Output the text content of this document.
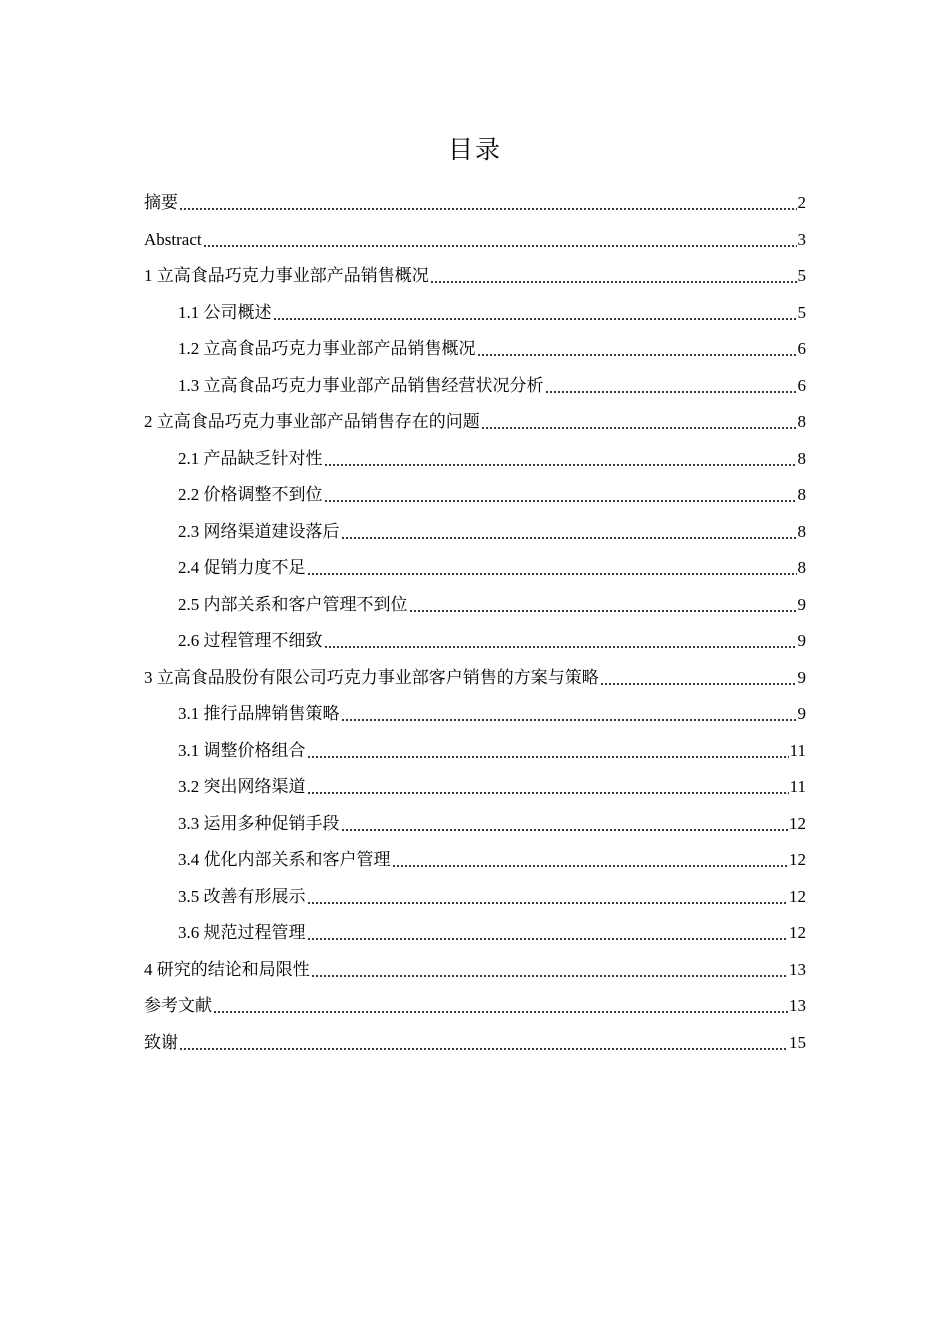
目录
摘要	2
Abstract	3
1 立高食品巧克力事业部产品销售概况	5
1.1 公司概述	5
1.2 立高食品巧克力事业部产品销售概况	6
1.3 立高食品巧克力事业部产品销售经营状况分析	6
2 立高食品巧克力事业部产品销售存在的问题	8
2.1 产品缺乏针对性	8
2.2 价格调整不到位	8
2.3 网络渠道建设落后	8
2.4 促销力度不足	8
2.5 内部关系和客户管理不到位	9
2.6 过程管理不细致	9
3 立高食品股份有限公司巧克力事业部客户销售的方案与策略	9
3.1 推行品牌销售策略	9
3.1 调整价格组合	11
3.2 突出网络渠道	11
3.3 运用多种促销手段	12
3.4 优化内部关系和客户管理	12
3.5 改善有形展示	12
3.6 规范过程管理	12
4 研究的结论和局限性	13
参考文献	13
致谢	15
